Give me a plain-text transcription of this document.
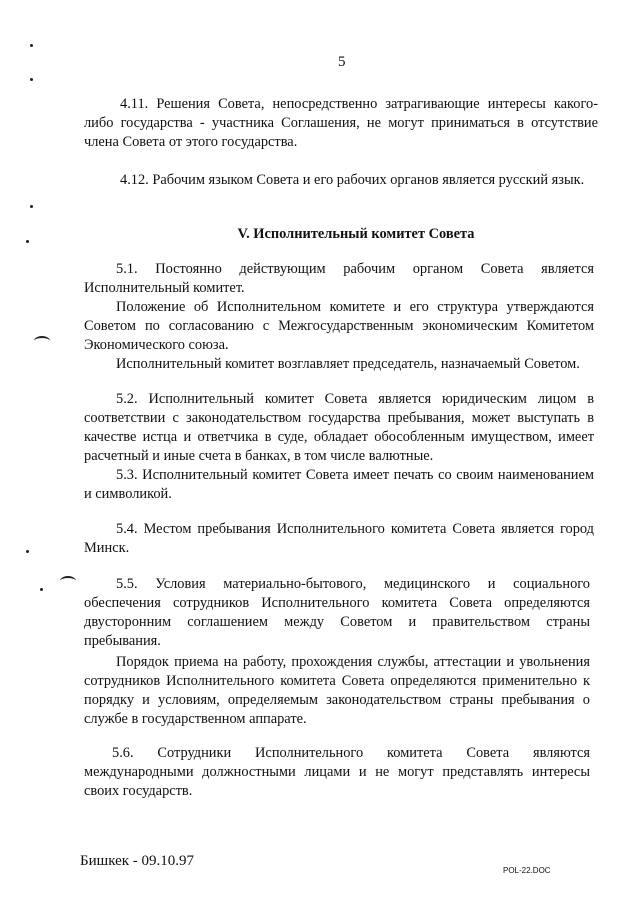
5
4.11. Решения Совета, непосредственно затрагивающие интересы какого-
либо государства - участника Соглашения, не могут приниматься в отсутствие
члена Совета от этого государства.
4.12. Рабочим языком Совета и его рабочих органов является русский язык.
V. Исполнительный комитет Совета
5.1. Постоянно действующим рабочим органом Совета является
Исполнительный комитет.
Положение об Исполнительном комитете и его структура утверждаются
Советом по согласованию с Межгосударственным экономическим Комитетом
Экономического союза.
Исполнительный комитет возглавляет председатель, назначаемый Советом.
5.2. Исполнительный комитет Совета является юридическим лицом в
соответствии с законодательством государства пребывания, может выступать в
качестве истца и ответчика в суде, обладает обособленным имуществом, имеет
расчетный и иные счета в банках, в том числе валютные.
5.3. Исполнительный комитет Совета имеет печать со своим наименованием
и символикой.
5.4. Местом пребывания Исполнительного комитета Совета является город
Минск.
5.5. Условия материально-бытового, медицинского и социального
обеспечения сотрудников Исполнительного комитета Совета определяются
двусторонним соглашением между Советом и правительством страны
пребывания.
Порядок приема на работу, прохождения службы, аттестации и увольнения
сотрудников Исполнительного комитета Совета определяются применительно к
порядку и условиям, определяемым законодательством страны пребывания о
службе в государственном аппарате.
5.6. Сотрудники Исполнительного комитета Совета являются
международными должностными лицами и не могут представлять интересы
своих государств.
Бишкек - 09.10.97
POL-22.DOC
